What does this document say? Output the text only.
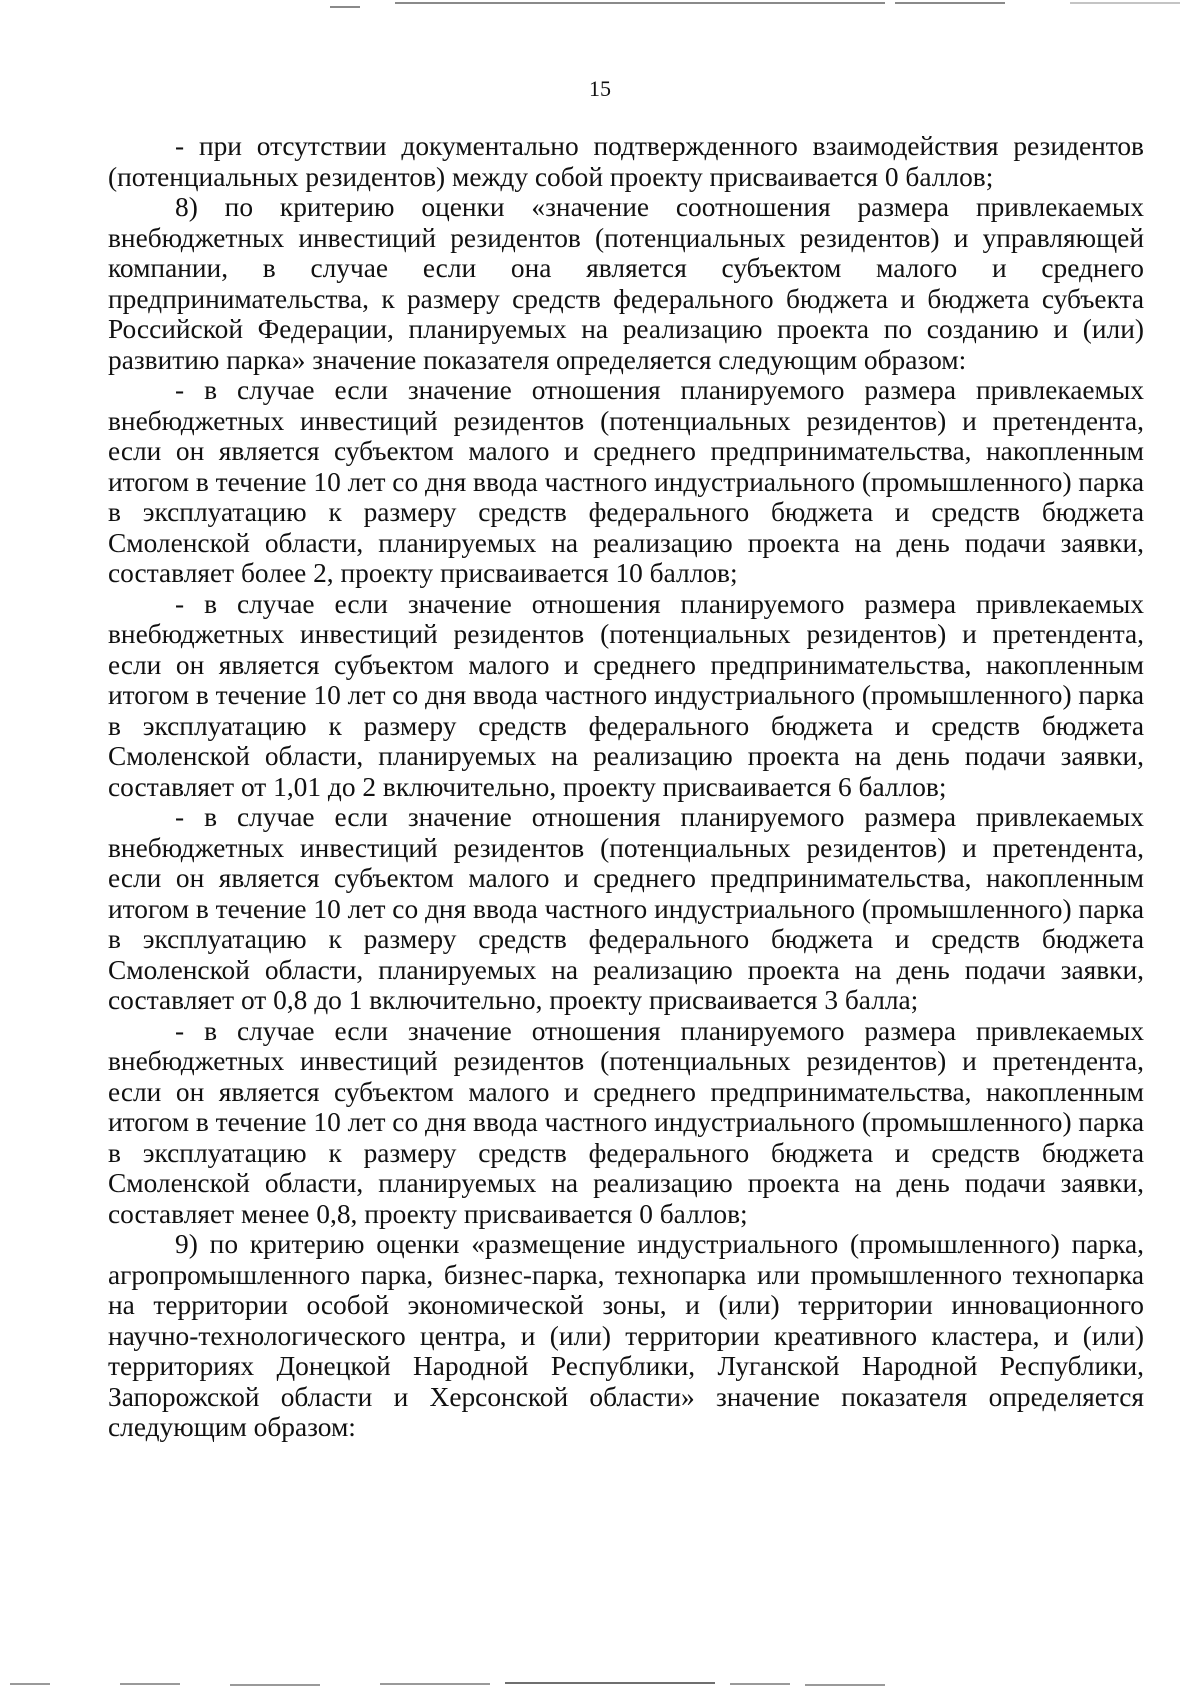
15

- при отсутствии документально подтвержденного взаимодействия резидентов (потенциальных резидентов) между собой проекту присваивается 0 баллов;

8) по критерию оценки «значение соотношения размера привлекаемых внебюджетных инвестиций резидентов (потенциальных резидентов) и управляющей компании, в случае если она является субъектом малого и среднего предпринимательства, к размеру средств федерального бюджета и бюджета субъекта Российской Федерации, планируемых на реализацию проекта по созданию и (или) развитию парка» значение показателя определяется следующим образом:

- в случае если значение отношения планируемого размера привлекаемых внебюджетных инвестиций резидентов (потенциальных резидентов) и претендента, если он является субъектом малого и среднего предпринимательства, накопленным итогом в течение 10 лет со дня ввода частного индустриального (промышленного) парка в эксплуатацию к размеру средств федерального бюджета и средств бюджета Смоленской области, планируемых на реализацию проекта на день подачи заявки, составляет более 2, проекту присваивается 10 баллов;

- в случае если значение отношения планируемого размера привлекаемых внебюджетных инвестиций резидентов (потенциальных резидентов) и претендента, если он является субъектом малого и среднего предпринимательства, накопленным итогом в течение 10 лет со дня ввода частного индустриального (промышленного) парка в эксплуатацию к размеру средств федерального бюджета и средств бюджета Смоленской области, планируемых на реализацию проекта на день подачи заявки, составляет от 1,01 до 2 включительно, проекту присваивается 6 баллов;

- в случае если значение отношения планируемого размера привлекаемых внебюджетных инвестиций резидентов (потенциальных резидентов) и претендента, если он является субъектом малого и среднего предпринимательства, накопленным итогом в течение 10 лет со дня ввода частного индустриального (промышленного) парка в эксплуатацию к размеру средств федерального бюджета и средств бюджета Смоленской области, планируемых на реализацию проекта на день подачи заявки, составляет от 0,8 до 1 включительно, проекту присваивается 3 балла;

- в случае если значение отношения планируемого размера привлекаемых внебюджетных инвестиций резидентов (потенциальных резидентов) и претендента, если он является субъектом малого и среднего предпринимательства, накопленным итогом в течение 10 лет со дня ввода частного индустриального (промышленного) парка в эксплуатацию к размеру средств федерального бюджета и средств бюджета Смоленской области, планируемых на реализацию проекта на день подачи заявки, составляет менее 0,8, проекту присваивается 0 баллов;

9) по критерию оценки «размещение индустриального (промышленного) парка, агропромышленного парка, бизнес-парка, технопарка или промышленного технопарка на территории особой экономической зоны, и (или) территории инновационного научно-технологического центра, и (или) территории креативного кластера, и (или) территориях Донецкой Народной Республики, Луганской Народной Республики, Запорожской области и Херсонской области» значение показателя определяется следующим образом:
